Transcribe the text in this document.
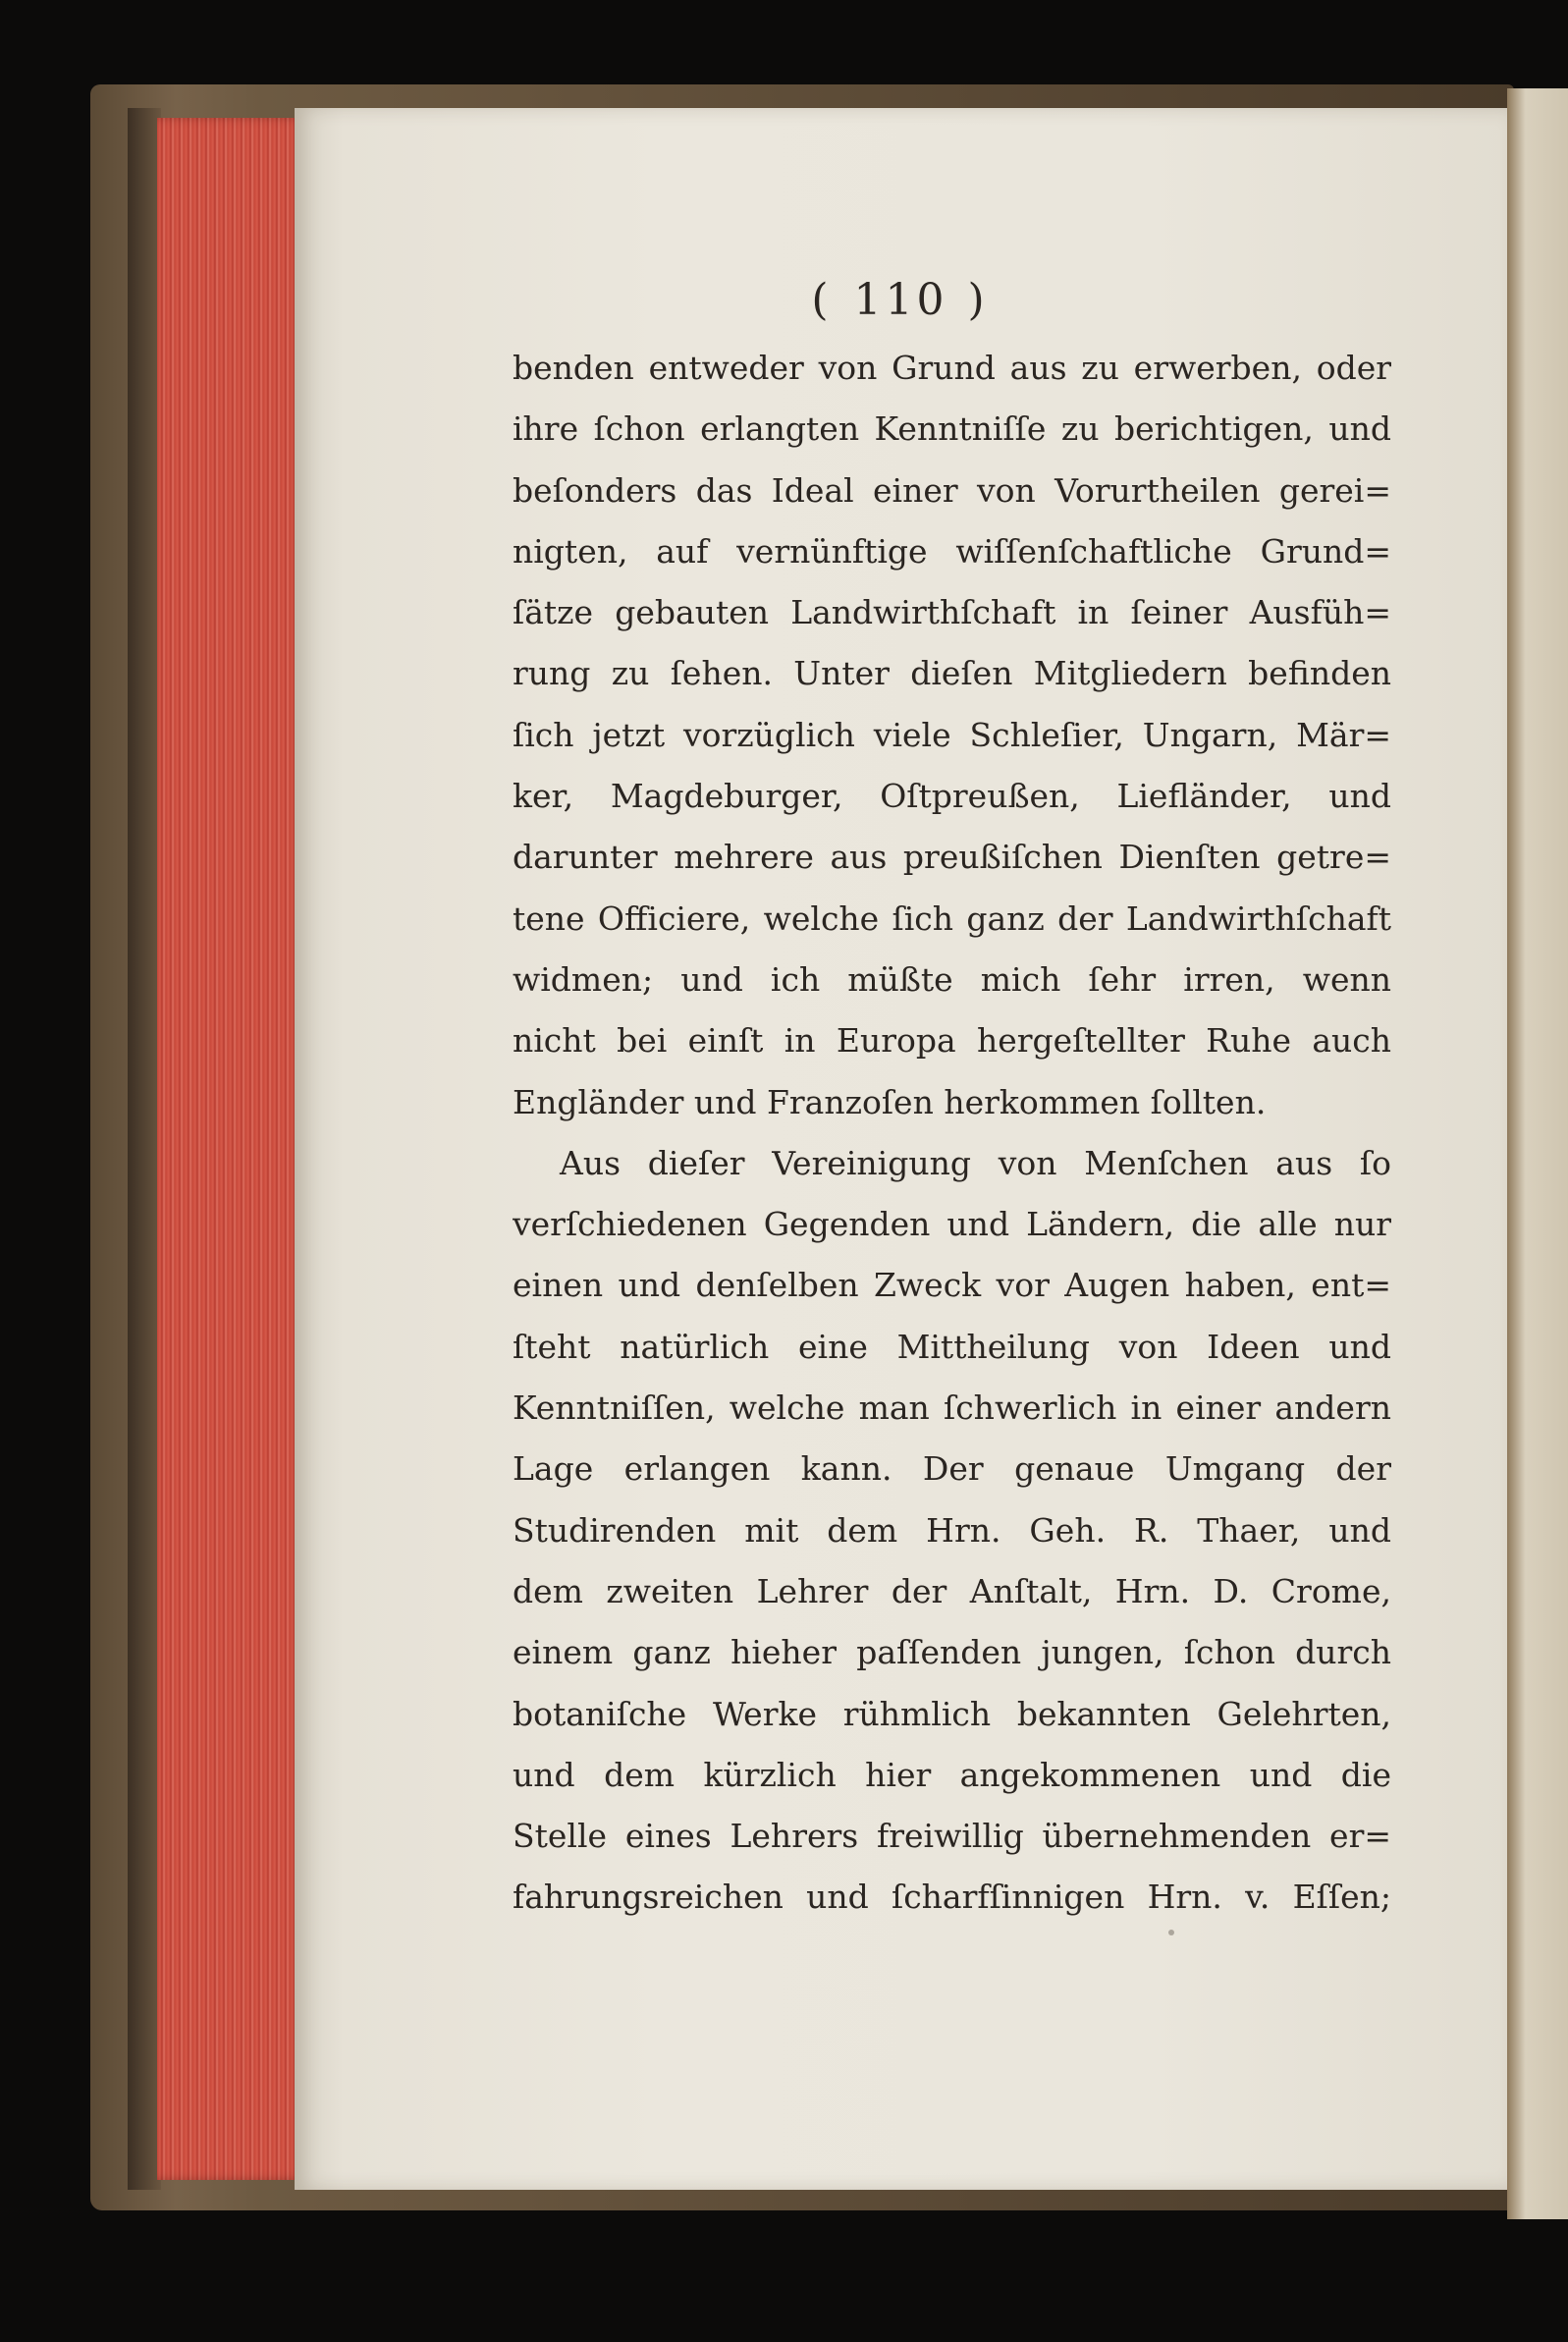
( 110 )
benden entweder von Grund aus zu erwerben, oder
ihre ſchon erlangten Kenntniſſe zu berichtigen, und
beſonders das Ideal einer von Vorurtheilen gerei=
nigten, auf vernünftige wiſſenſchaftliche Grund=
ſätze gebauten Landwirthſchaft in ſeiner Ausfüh=
rung zu ſehen. Unter dieſen Mitgliedern befinden
ſich jetzt vorzüglich viele Schleſier, Ungarn, Mär=
ker, Magdeburger, Oſtpreußen, Liefländer, und
darunter mehrere aus preußiſchen Dienſten getre=
tene Officiere, welche ſich ganz der Landwirthſchaft
widmen; und ich müßte mich ſehr irren, wenn
nicht bei einſt in Europa hergeſtellter Ruhe auch
Engländer und Franzoſen herkommen ſollten.
Aus dieſer Vereinigung von Menſchen aus ſo
verſchiedenen Gegenden und Ländern, die alle nur
einen und denſelben Zweck vor Augen haben, ent=
ſteht natürlich eine Mittheilung von Ideen und
Kenntniſſen, welche man ſchwerlich in einer andern
Lage erlangen kann. Der genaue Umgang der
Studirenden mit dem Hrn. Geh. R. Thaer, und
dem zweiten Lehrer der Anſtalt, Hrn. D. Crome,
einem ganz hieher paſſenden jungen, ſchon durch
botaniſche Werke rühmlich bekannten Gelehrten,
und dem kürzlich hier angekommenen und die
Stelle eines Lehrers freiwillig übernehmenden er=
fahrungsreichen und ſcharfſinnigen Hrn. v. Eſſen;
